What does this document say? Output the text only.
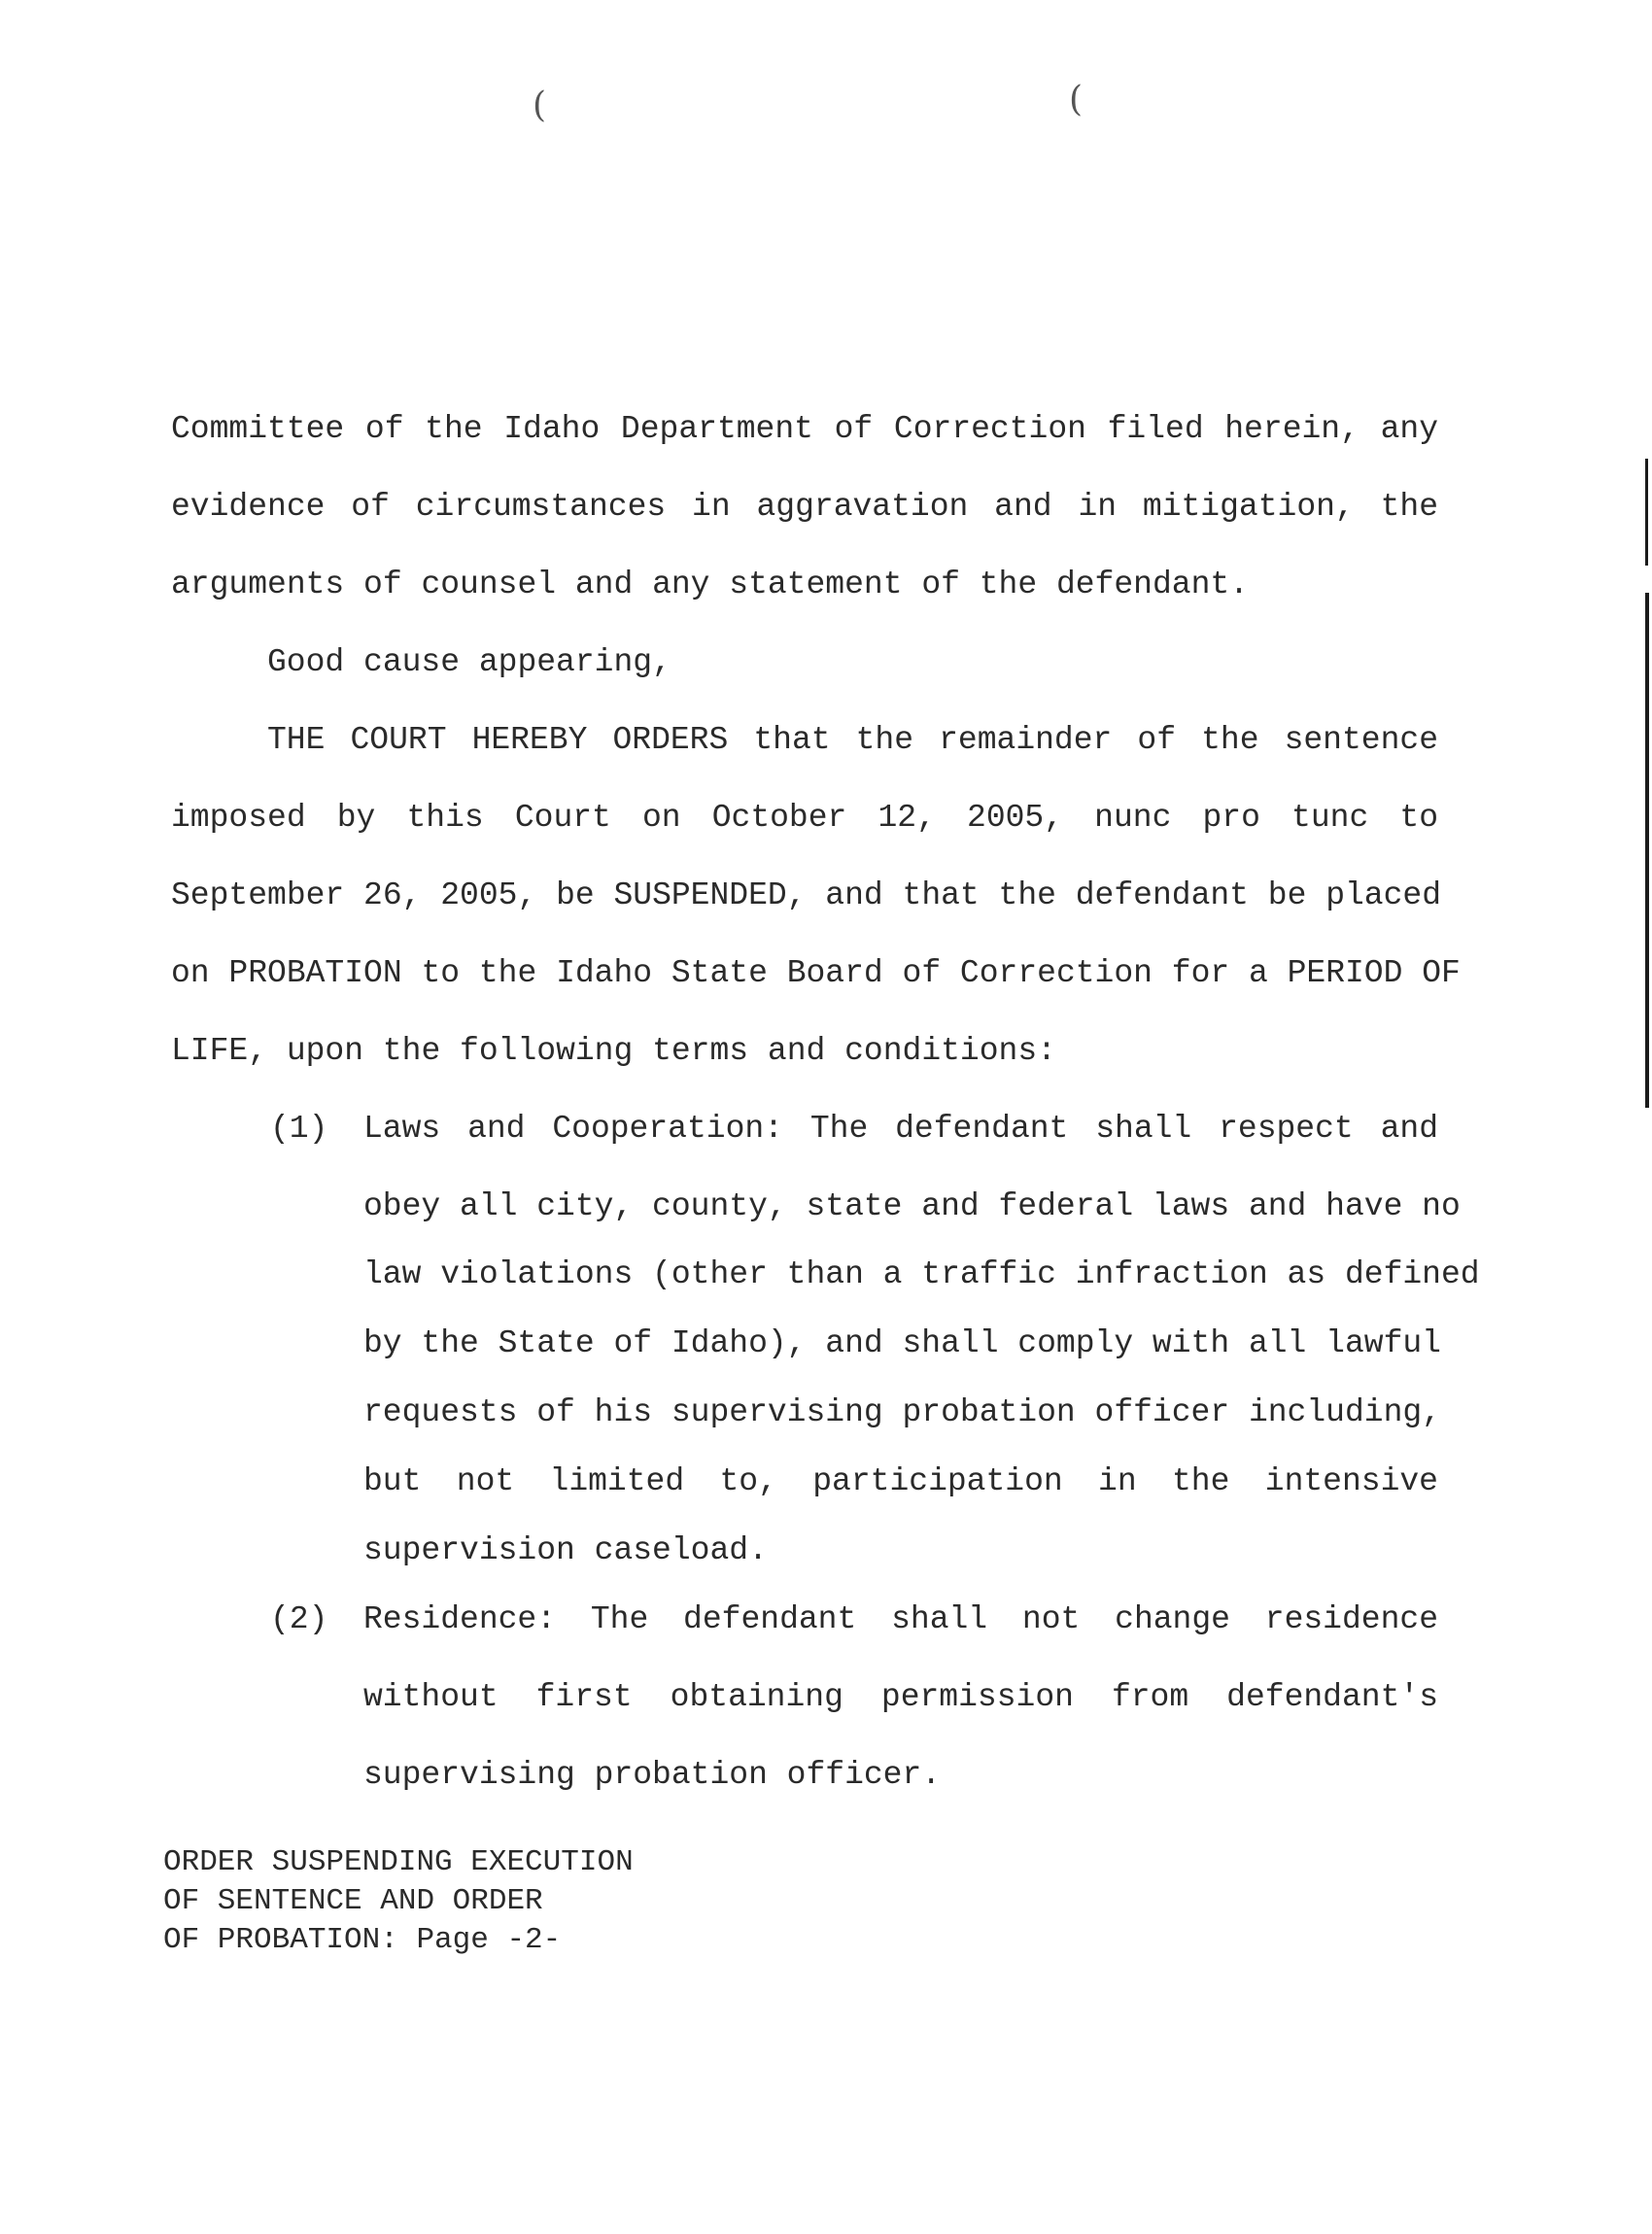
(	(
Committee of the Idaho Department of Correction filed herein, any
evidence of circumstances in aggravation and in mitigation, the
arguments of counsel and any statement of the defendant.
Good cause appearing,
THE COURT HEREBY ORDERS that the remainder of the sentence
imposed by this Court on October 12, 2005, nunc pro tunc to
September 26, 2005, be SUSPENDED, and that the defendant be placed
on PROBATION to the Idaho State Board of Correction for a PERIOD OF
LIFE, upon the following terms and conditions:
(1) Laws and Cooperation: The defendant shall respect and
obey all city, county, state and federal laws and have no
law violations (other than a traffic infraction as defined
by the State of Idaho), and shall comply with all lawful
requests of his supervising probation officer including,
but not limited to, participation in the intensive
supervision caseload.
(2) Residence: The defendant shall not change residence
without first obtaining permission from defendant's
supervising probation officer.
ORDER SUSPENDING EXECUTION
OF SENTENCE AND ORDER
OF PROBATION: Page -2-
